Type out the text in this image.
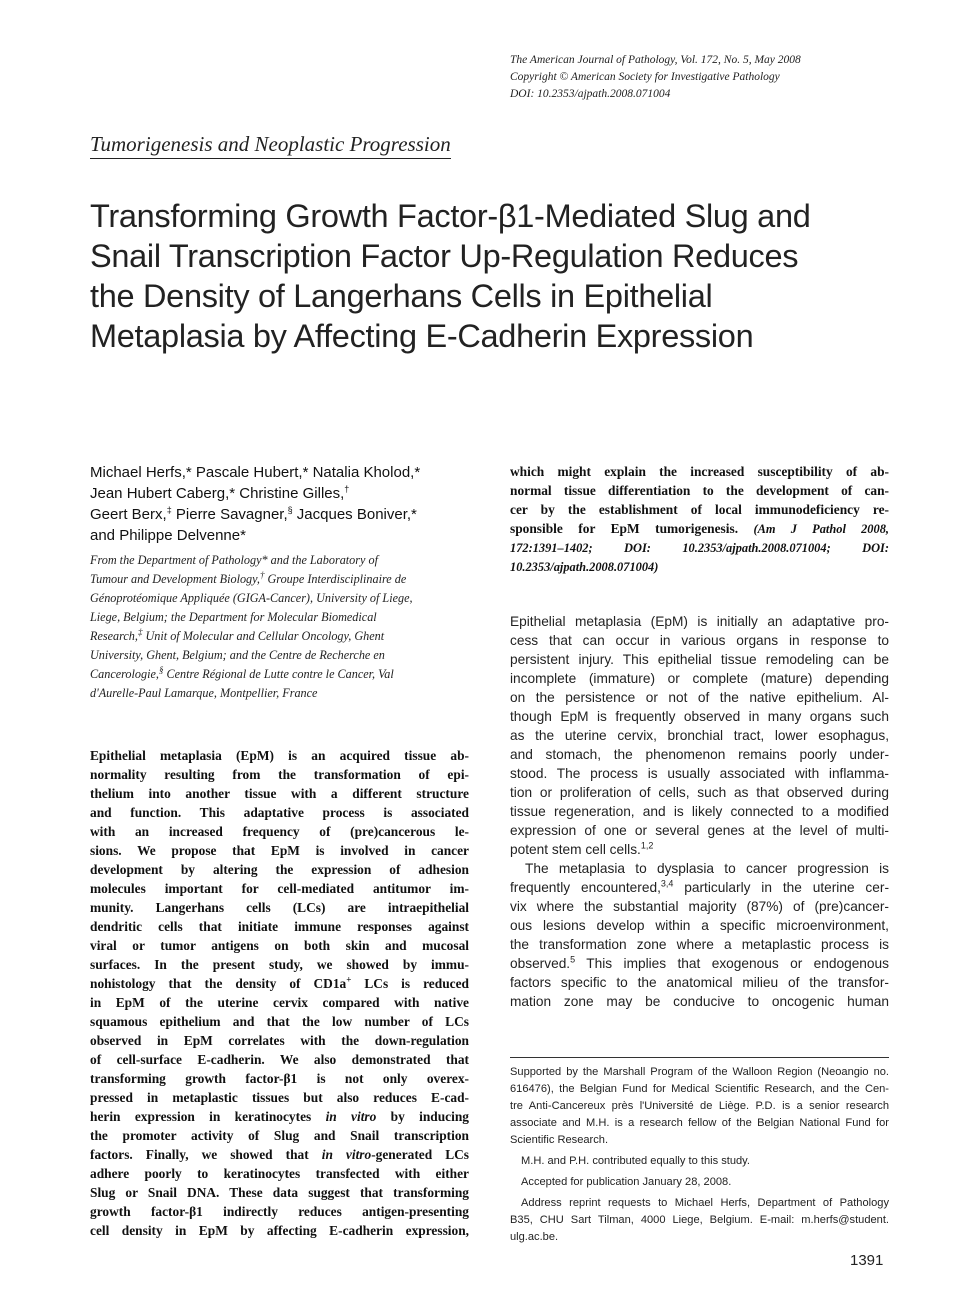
The American Journal of Pathology, Vol. 172, No. 5, May 2008
Copyright © American Society for Investigative Pathology
DOI: 10.2353/ajpath.2008.071004
Tumorigenesis and Neoplastic Progression
Transforming Growth Factor-β1-Mediated Slug and
Snail Transcription Factor Up-Regulation Reduces
the Density of Langerhans Cells in Epithelial
Metaplasia by Affecting E-Cadherin Expression
Michael Herfs,* Pascale Hubert,* Natalia Kholod,*
Jean Hubert Caberg,* Christine Gilles,†
Geert Berx,‡ Pierre Savagner,§ Jacques Boniver,*
and Philippe Delvenne*
From the Department of Pathology* and the Laboratory of
Tumour and Development Biology,† Groupe Interdisciplinaire de
Génoprotéomique Appliquée (GIGA-Cancer), University of Liege,
Liege, Belgium; the Department for Molecular Biomedical
Research,‡ Unit of Molecular and Cellular Oncology, Ghent
University, Ghent, Belgium; and the Centre de Recherche en
Cancerologie,§ Centre Régional de Lutte contre le Cancer, Val
d'Aurelle-Paul Lamarque, Montpellier, France
Epithelial metaplasia (EpM) is an acquired tissue ab-
normality resulting from the transformation of epi-
thelium into another tissue with a different structure
and function. This adaptative process is associated
with an increased frequency of (pre)cancerous le-
sions. We propose that EpM is involved in cancer
development by altering the expression of adhesion
molecules important for cell-mediated antitumor im-
munity. Langerhans cells (LCs) are intraepithelial
dendritic cells that initiate immune responses against
viral or tumor antigens on both skin and mucosal
surfaces. In the present study, we showed by immu-
nohistology that the density of CD1a+ LCs is reduced
in EpM of the uterine cervix compared with native
squamous epithelium and that the low number of LCs
observed in EpM correlates with the down-regulation
of cell-surface E-cadherin. We also demonstrated that
transforming growth factor-β1 is not only overex-
pressed in metaplastic tissues but also reduces E-cad-
herin expression in keratinocytes in vitro by inducing
the promoter activity of Slug and Snail transcription
factors. Finally, we showed that in vitro-generated LCs
adhere poorly to keratinocytes transfected with either
Slug or Snail DNA. These data suggest that transforming
growth factor-β1 indirectly reduces antigen-presenting
cell density in EpM by affecting E-cadherin expression,
which might explain the increased susceptibility of ab-
normal tissue differentiation to the development of can-
cer by the establishment of local immunodeficiency re-
sponsible for EpM tumorigenesis. (Am J Pathol 2008,
172:1391–1402; DOI: 10.2353/ajpath.2008.071004; DOI:
10.2353/ajpath.2008.071004)
Epithelial metaplasia (EpM) is initially an adaptative pro-
cess that can occur in various organs in response to
persistent injury. This epithelial tissue remodeling can be
incomplete (immature) or complete (mature) depending
on the persistence or not of the native epithelium. Al-
though EpM is frequently observed in many organs such
as the uterine cervix, bronchial tract, lower esophagus,
and stomach, the phenomenon remains poorly under-
stood. The process is usually associated with inflamma-
tion or proliferation of cells, such as that observed during
tissue regeneration, and is likely connected to a modified
expression of one or several genes at the level of multi-
potent stem cell cells.$^{1,2}$
The metaplasia to dysplasia to cancer progression is
frequently encountered,$^{3,4}$ particularly in the uterine cer-
vix where the substantial majority (87%) of (pre)cancer-
ous lesions develop within a specific microenvironment,
the transformation zone where a metaplastic process is
observed.$^5$ This implies that exogenous or endogenous
factors specific to the anatomical milieu of the transfor-
mation zone may be conducive to oncogenic human
Supported by the Marshall Program of the Walloon Region (Neoangio no.
616476), the Belgian Fund for Medical Scientific Research, and the Cen-
tre Anti-Cancereux près l'Université de Liège. P.D. is a senior research
associate and M.H. is a research fellow of the Belgian National Fund for
Scientific Research.
M.H. and P.H. contributed equally to this study.
Accepted for publication January 28, 2008.
Address reprint requests to Michael Herfs, Department of Pathology
B35, CHU Sart Tilman, 4000 Liege, Belgium. E-mail: m.herfs@student.
ulg.ac.be.
1391
